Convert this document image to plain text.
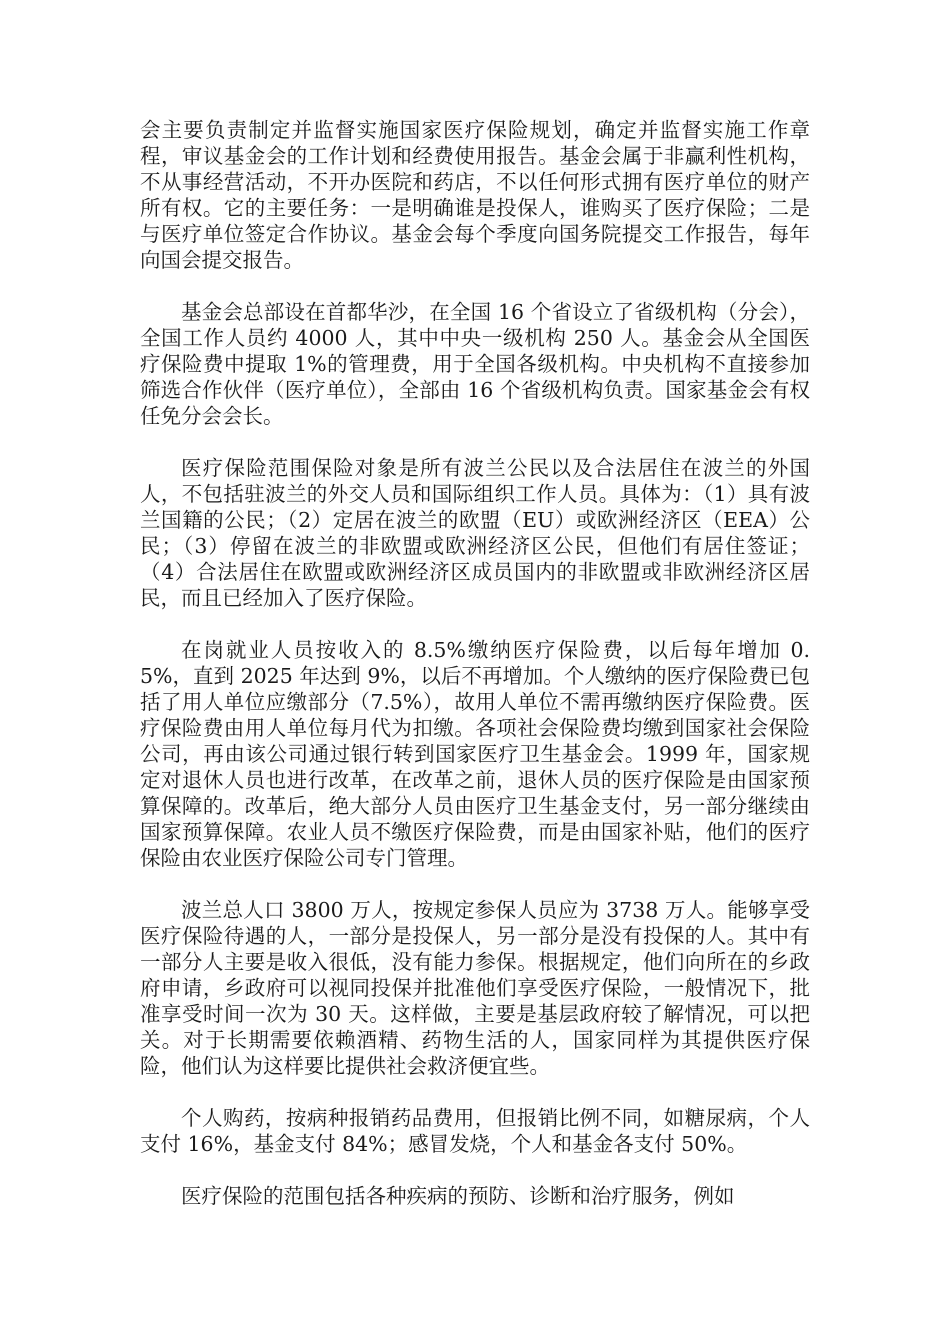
会主要负责制定并监督实施国家医疗保险规划，确定并监督实施工作章程，审议基金会的工作计划和经费使用报告。基金会属于非赢利性机构，不从事经营活动，不开办医院和药店，不以任何形式拥有医疗单位的财产所有权。它的主要任务：一是明确谁是投保人，谁购买了医疗保险；二是与医疗单位签定合作协议。基金会每个季度向国务院提交工作报告，每年向国会提交报告。

基金会总部设在首都华沙，在全国 16 个省设立了省级机构（分会），全国工作人员约 4000 人，其中中央一级机构 250 人。基金会从全国医疗保险费中提取 1%的管理费，用于全国各级机构。中央机构不直接参加筛选合作伙伴（医疗单位），全部由 16 个省级机构负责。国家基金会有权任免分会会长。

医疗保险范围保险对象是所有波兰公民以及合法居住在波兰的外国人，不包括驻波兰的外交人员和国际组织工作人员。具体为：（1）具有波兰国籍的公民；（2）定居在波兰的欧盟（EU）或欧洲经济区（EEA）公民；（3）停留在波兰的非欧盟或欧洲经济区公民，但他们有居住签证；（4）合法居住在欧盟或欧洲经济区成员国内的非欧盟或非欧洲经济区居民，而且已经加入了医疗保险。

在岗就业人员按收入的 8.5%缴纳医疗保险费，以后每年增加 0.5%，直到 2025 年达到 9%，以后不再增加。个人缴纳的医疗保险费已包括了用人单位应缴部分（7.5%），故用人单位不需再缴纳医疗保险费。医疗保险费由用人单位每月代为扣缴。各项社会保险费均缴到国家社会保险公司，再由该公司通过银行转到国家医疗卫生基金会。1999 年，国家规定对退休人员也进行改革，在改革之前，退休人员的医疗保险是由国家预算保障的。改革后，绝大部分人员由医疗卫生基金支付，另一部分继续由国家预算保障。农业人员不缴医疗保险费，而是由国家补贴，他们的医疗保险由农业医疗保险公司专门管理。

波兰总人口 3800 万人，按规定参保人员应为 3738 万人。能够享受医疗保险待遇的人，一部分是投保人，另一部分是没有投保的人。其中有一部分人主要是收入很低，没有能力参保。根据规定，他们向所在的乡政府申请，乡政府可以视同投保并批准他们享受医疗保险，一般情况下，批准享受时间一次为 30 天。这样做，主要是基层政府较了解情况，可以把关。对于长期需要依赖酒精、药物生活的人，国家同样为其提供医疗保险，他们认为这样要比提供社会救济便宜些。

个人购药，按病种报销药品费用，但报销比例不同，如糖尿病，个人支付 16%，基金支付 84%；感冒发烧，个人和基金各支付 50%。

医疗保险的范围包括各种疾病的预防、诊断和治疗服务，例如
